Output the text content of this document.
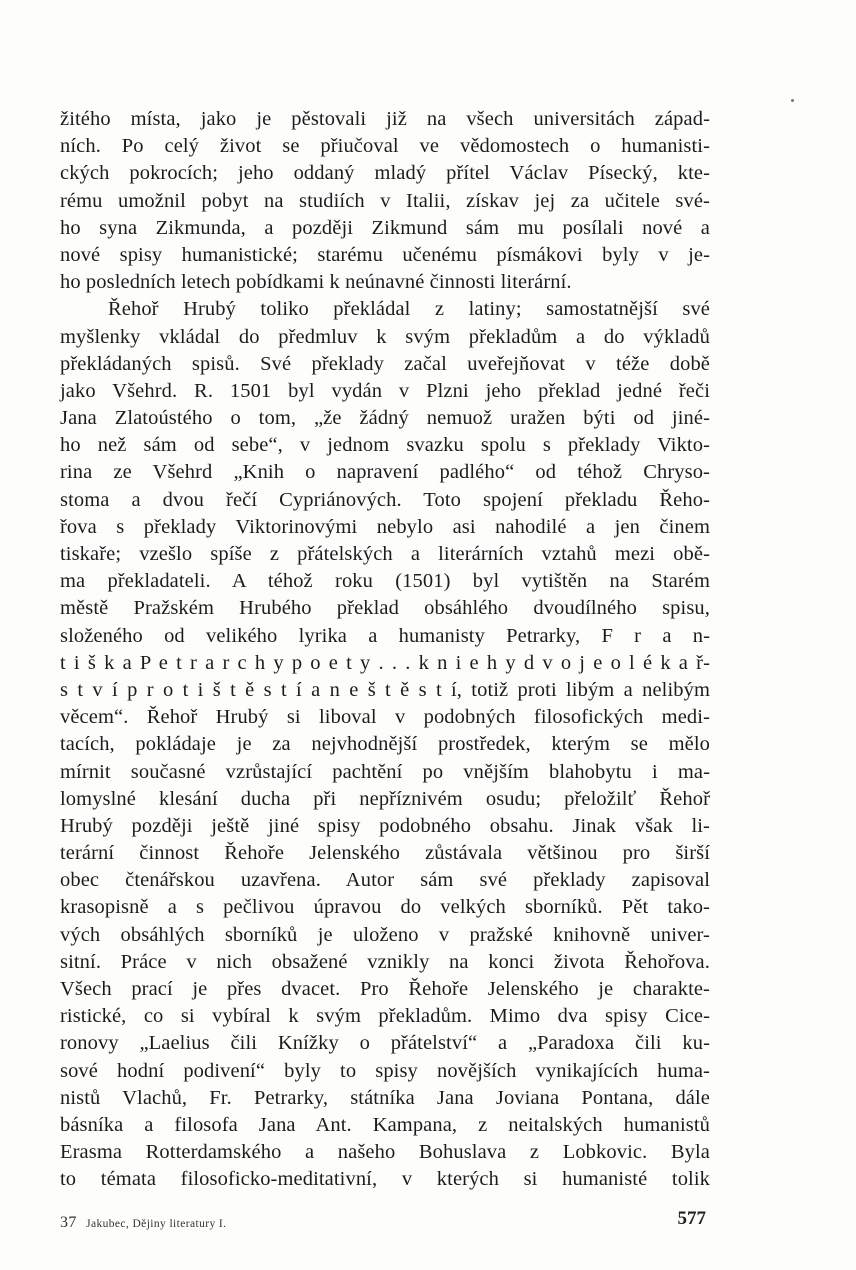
žitého místa, jako je pěstovali již na všech universitách západ-
ních. Po celý život se přiučoval ve vědomostech o humanisti-
ckých pokrocích; jeho oddaný mladý přítel Václav Písecký, kte-
rému umožnil pobyt na studiích v Italii, získav jej za učitele své-
ho syna Zikmunda, a později Zikmund sám mu posílali nové a
nové spisy humanistické; starému učenému písmákovi byly v je-
ho posledních letech pobídkami k neúnavné činnosti literární.
Řehoř Hrubý toliko překládal z latiny; samostatnější své
myšlenky vkládal do předmluv k svým překladům a do výkladů
překládaných spisů. Své překlady začal uveřejňovat v téže době
jako Všehrd. R. 1501 byl vydán v Plzni jeho překlad jedné řeči
Jana Zlatoústého o tom, „že žádný nemuož uražen býti od jiné-
ho než sám od sebe“, v jednom svazku spolu s překlady Vikto-
rina ze Všehrd „Knih o napravení padlého“ od téhož Chryso-
stoma a dvou řečí Cypriánových. Toto spojení překladu Řeho-
řova s překlady Viktorinovými nebylo asi nahodilé a jen činem
tiskaře; vzešlo spíše z přátelských a literárních vztahů mezi obě-
ma překladateli. A téhož roku (1501) byl vytištěn na Starém
městě Pražském Hrubého překlad obsáhlého dvoudílného spisu,
složeného od velikého lyrika a humanisty Petrarky, F r a n-
t i š k a P e t r a r c h y p o e t y . . . k n i e h y d v o j e o l é k a ř-
s t v í p r o t i š t ě s t í a n e š t ě s t í, totiž proti libým a nelibým
věcem“. Řehoř Hrubý si liboval v podobných filosofických medi-
tacích, pokládaje je za nejvhodnější prostředek, kterým se mělo
mírnit současné vzrůstající pachtění po vnějším blahobytu i ma-
lomyslné klesání ducha při nepříznivém osudu; přeložilť Řehoř
Hrubý později ještě jiné spisy podobného obsahu. Jinak však li-
terární činnost Řehoře Jelenského zůstávala většinou pro širší
obec čtenářskou uzavřena. Autor sám své překlady zapisoval
krasopisně a s pečlivou úpravou do velkých sborníků. Pět tako-
vých obsáhlých sborníků je uloženo v pražské knihovně univer-
sitní. Práce v nich obsažené vznikly na konci života Řehořova.
Všech prací je přes dvacet. Pro Řehoře Jelenského je charakte-
ristické, co si vybíral k svým překladům. Mimo dva spisy Cice-
ronovy „Laelius čili Knížky o přátelství“ a „Paradoxa čili ku-
sové hodní podivení“ byly to spisy novějších vynikajících huma-
nistů Vlachů, Fr. Petrarky, státníka Jana Joviana Pontana, dále
básníka a filosofa Jana Ant. Kampana, z neitalských humanistů
Erasma Rotterdamského a našeho Bohuslava z Lobkovic. Byla
to témata filosoficko-meditativní, v kterých si humanisté tolik
37 Jakubec, Dějiny literatury I.	577
